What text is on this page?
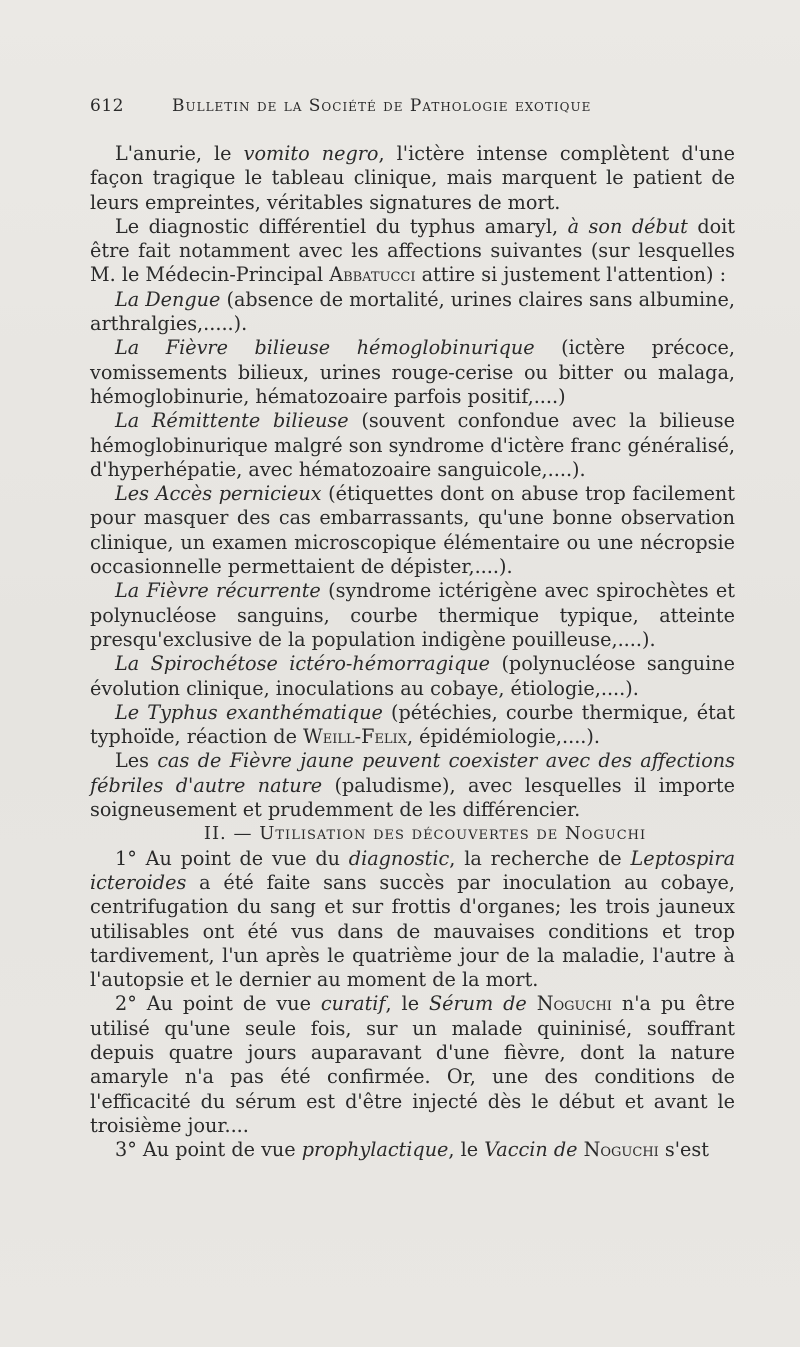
612	Bulletin de la Société de Pathologie exotique

L'anurie, le vomito negro, l'ictère intense complètent d'une façon tragique le tableau clinique, mais marquent le patient de leurs empreintes, véritables signatures de mort.

Le diagnostic différentiel du typhus amaryl, à son début doit être fait notamment avec les affections suivantes (sur lesquelles M. le Médecin-Principal Abbatucci attire si justement l'attention) :

La Dengue (absence de mortalité, urines claires sans albumine, arthralgies,.....).

La Fièvre bilieuse hémoglobinurique (ictère précoce, vomissements bilieux, urines rouge-cerise ou bitter ou malaga, hémoglobinurie, hématozoaire parfois positif,....)

La Rémittente bilieuse (souvent confondue avec la bilieuse hémoglobinurique malgré son syndrome d'ictère franc généralisé, d'hyperhépatie, avec hématozoaire sanguicole,....).

Les Accès pernicieux (étiquettes dont on abuse trop facilement pour masquer des cas embarrassants, qu'une bonne observation clinique, un examen microscopique élémentaire ou une nécropsie occasionnelle permettaient de dépister,....).

La Fièvre récurrente (syndrome ictérigène avec spirochètes et polynucléose sanguins, courbe thermique typique, atteinte presqu'exclusive de la population indigène pouilleuse,....).

La Spirochétose ictéro-hémorragique (polynucléose sanguine évolution clinique, inoculations au cobaye, étiologie,....).

Le Typhus exanthématique (pétéchies, courbe thermique, état typhoïde, réaction de Weill-Felix, épidémiologie,....).

Les cas de Fièvre jaune peuvent coexister avec des affections fébriles d'autre nature (paludisme), avec lesquelles il importe soigneusement et prudemment de les différencier.

II. — Utilisation des découvertes de Noguchi

1° Au point de vue du diagnostic, la recherche de Leptospira icteroides a été faite sans succès par inoculation au cobaye, centrifugation du sang et sur frottis d'organes; les trois jauneux utilisables ont été vus dans de mauvaises conditions et trop tardivement, l'un après le quatrième jour de la maladie, l'autre à l'autopsie et le dernier au moment de la mort.

2° Au point de vue curatif, le Sérum de Noguchi n'a pu être utilisé qu'une seule fois, sur un malade quininisé, souffrant depuis quatre jours auparavant d'une fièvre, dont la nature amaryle n'a pas été confirmée. Or, une des conditions de l'efficacité du sérum est d'être injecté dès le début et avant le troisième jour....

3° Au point de vue prophylactique, le Vaccin de Noguchi s'est
